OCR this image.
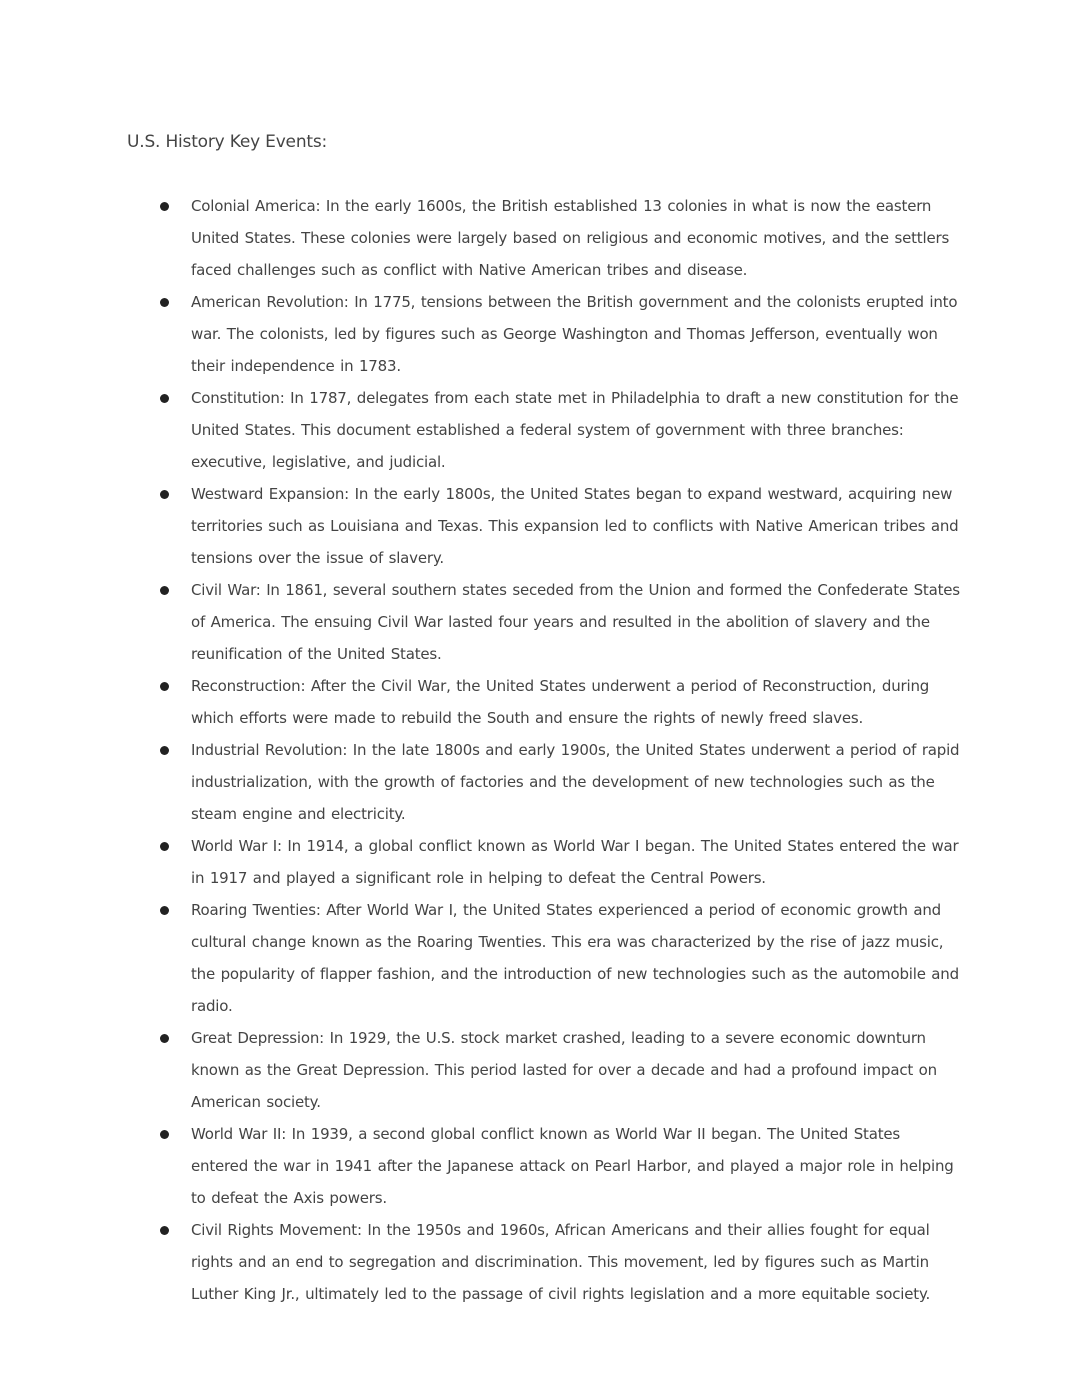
U.S. History Key Events:
Colonial America: In the early 1600s, the British established 13 colonies in what is now the eastern United States. These colonies were largely based on religious and economic motives, and the settlers faced challenges such as conflict with Native American tribes and disease.
American Revolution: In 1775, tensions between the British government and the colonists erupted into war. The colonists, led by figures such as George Washington and Thomas Jefferson, eventually won their independence in 1783.
Constitution: In 1787, delegates from each state met in Philadelphia to draft a new constitution for the United States. This document established a federal system of government with three branches: executive, legislative, and judicial.
Westward Expansion: In the early 1800s, the United States began to expand westward, acquiring new territories such as Louisiana and Texas. This expansion led to conflicts with Native American tribes and tensions over the issue of slavery.
Civil War: In 1861, several southern states seceded from the Union and formed the Confederate States of America. The ensuing Civil War lasted four years and resulted in the abolition of slavery and the reunification of the United States.
Reconstruction: After the Civil War, the United States underwent a period of Reconstruction, during which efforts were made to rebuild the South and ensure the rights of newly freed slaves.
Industrial Revolution: In the late 1800s and early 1900s, the United States underwent a period of rapid industrialization, with the growth of factories and the development of new technologies such as the steam engine and electricity.
World War I: In 1914, a global conflict known as World War I began. The United States entered the war in 1917 and played a significant role in helping to defeat the Central Powers.
Roaring Twenties: After World War I, the United States experienced a period of economic growth and cultural change known as the Roaring Twenties. This era was characterized by the rise of jazz music, the popularity of flapper fashion, and the introduction of new technologies such as the automobile and radio.
Great Depression: In 1929, the U.S. stock market crashed, leading to a severe economic downturn known as the Great Depression. This period lasted for over a decade and had a profound impact on American society.
World War II: In 1939, a second global conflict known as World War II began. The United States entered the war in 1941 after the Japanese attack on Pearl Harbor, and played a major role in helping to defeat the Axis powers.
Civil Rights Movement: In the 1950s and 1960s, African Americans and their allies fought for equal rights and an end to segregation and discrimination. This movement, led by figures such as Martin Luther King Jr., ultimately led to the passage of civil rights legislation and a more equitable society.
